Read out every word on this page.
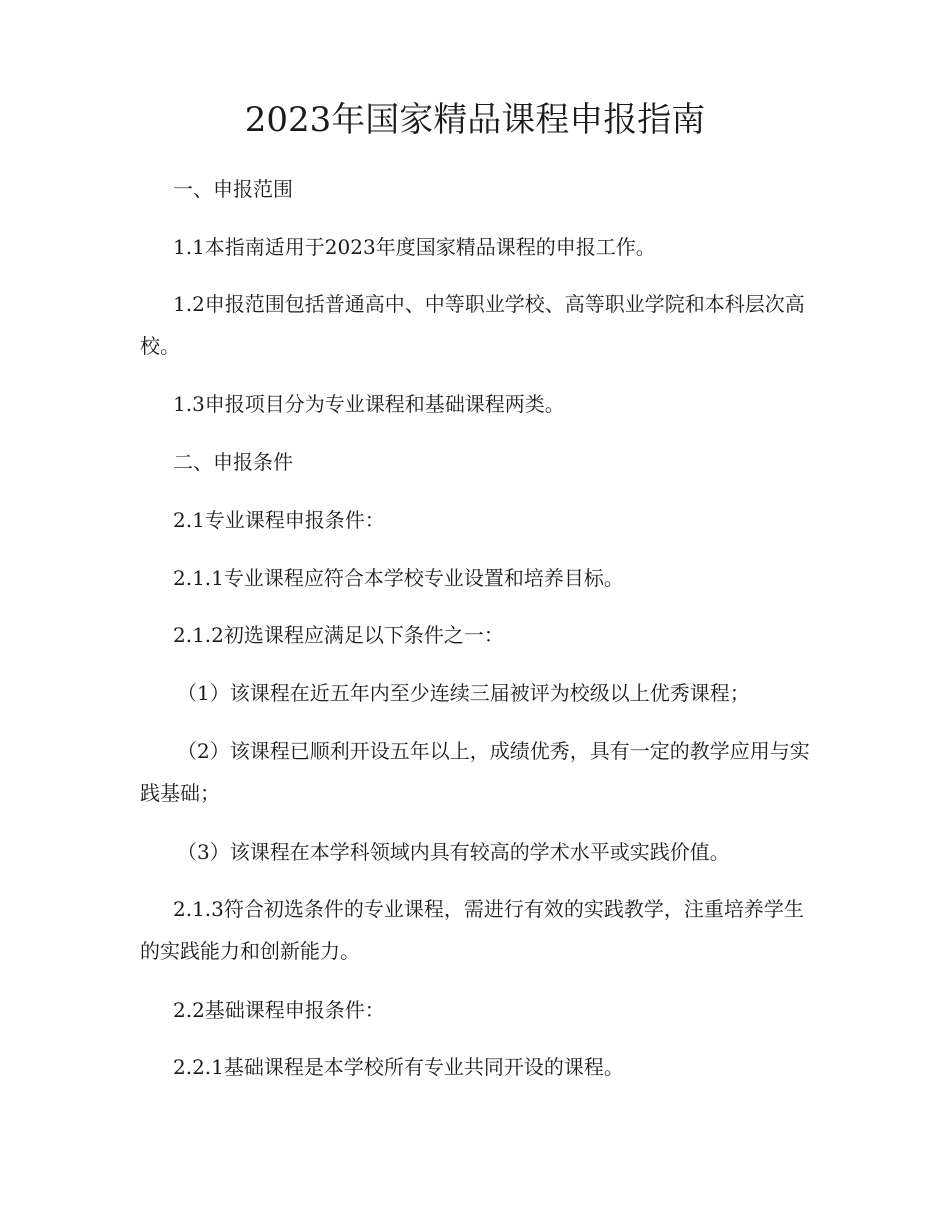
2023年国家精品课程申报指南

一、申报范围

1.1本指南适用于2023年度国家精品课程的申报工作。

1.2申报范围包括普通高中、中等职业学校、高等职业学院和本科层次高校。

1.3申报项目分为专业课程和基础课程两类。

二、申报条件

2.1专业课程申报条件：

2.1.1专业课程应符合本学校专业设置和培养目标。

2.1.2初选课程应满足以下条件之一：

（1）该课程在近五年内至少连续三届被评为校级以上优秀课程；

（2）该课程已顺利开设五年以上，成绩优秀，具有一定的教学应用与实践基础；

（3）该课程在本学科领域内具有较高的学术水平或实践价值。

2.1.3符合初选条件的专业课程，需进行有效的实践教学，注重培养学生的实践能力和创新能力。

2.2基础课程申报条件：

2.2.1基础课程是本学校所有专业共同开设的课程。
